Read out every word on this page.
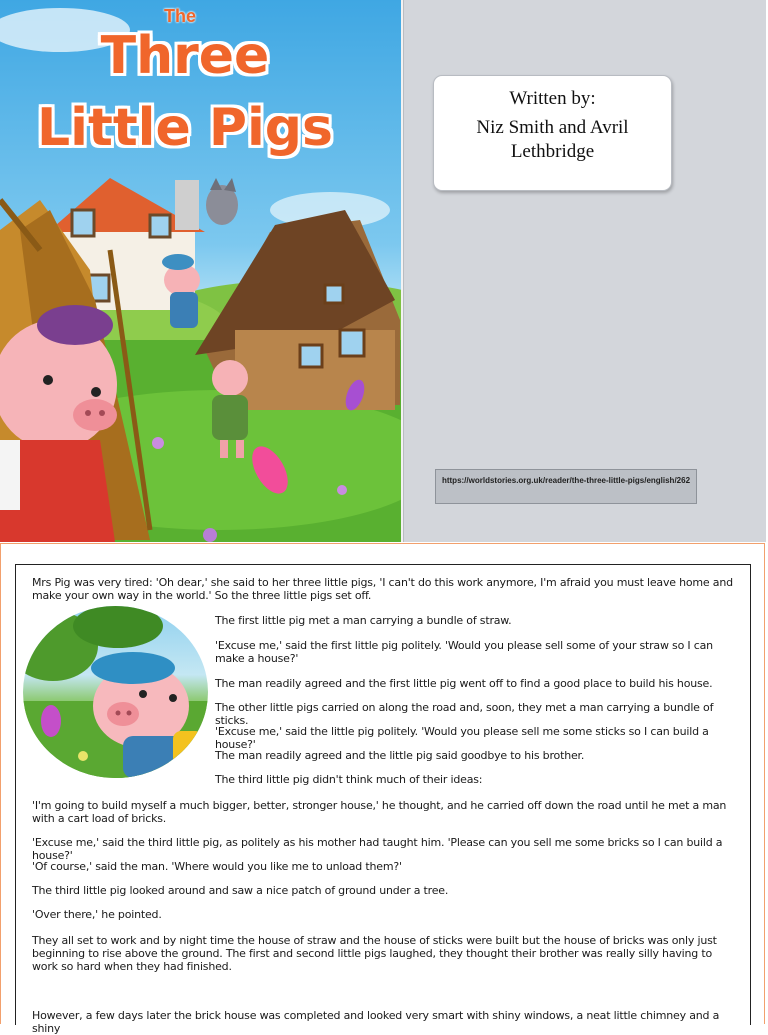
The
Three
Little Pigs	Written by:
Niz Smith and Avril Lethbridge
https://worldstories.org.uk/reader/the-three-little-pigs/english/262

Mrs Pig was very tired: 'Oh dear,' she said to her three little pigs, 'I can't do this work anymore, I'm afraid you must leave home and make your own way in the world.' So the three little pigs set off.

The first little pig met a man carrying a bundle of straw.

'Excuse me,' said the first little pig politely. 'Would you please sell some of your straw so I can make a house?'

The man readily agreed and the first little pig went off to find a good place to build his house.

The other little pigs carried on along the road and, soon, they met a man carrying a bundle of sticks.

'Excuse me,' said the little pig politely. 'Would you please sell me some sticks so I can build a house?'

The man readily agreed and the little pig said goodbye to his brother.

The third little pig didn't think much of their ideas:

'I'm going to build myself a much bigger, better, stronger house,' he thought, and he carried off down the road until he met a man with a cart load of bricks.

'Excuse me,' said the third little pig, as politely as his mother had taught him. 'Please can you sell me some bricks so I can build a house?'

'Of course,' said the man. 'Where would you like me to unload them?'

The third little pig looked around and saw a nice patch of ground under a tree.

'Over there,' he pointed.

They all set to work and by night time the house of straw and the house of sticks were built but the house of bricks was only just beginning to rise above the ground. The first and second little pigs laughed, they thought their brother was really silly having to work so hard when they had finished.

However, a few days later the brick house was completed and looked very smart with shiny windows, a neat little chimney and a shiny
